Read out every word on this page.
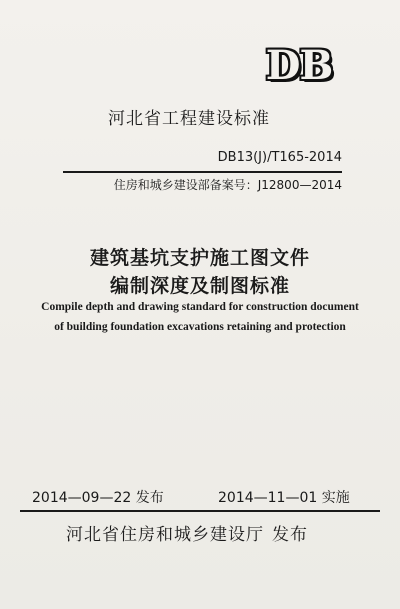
DB
河北省工程建设标准
DB13(J)/T165-2014
住房和城乡建设部备案号：J12800—2014
建筑基坑支护施工图文件
编制深度及制图标准
Compile depth and drawing standard for construction document
of building foundation excavations retaining and protection
2014—09—22 发布	2014—11—01 实施
河北省住房和城乡建设厅 发布
